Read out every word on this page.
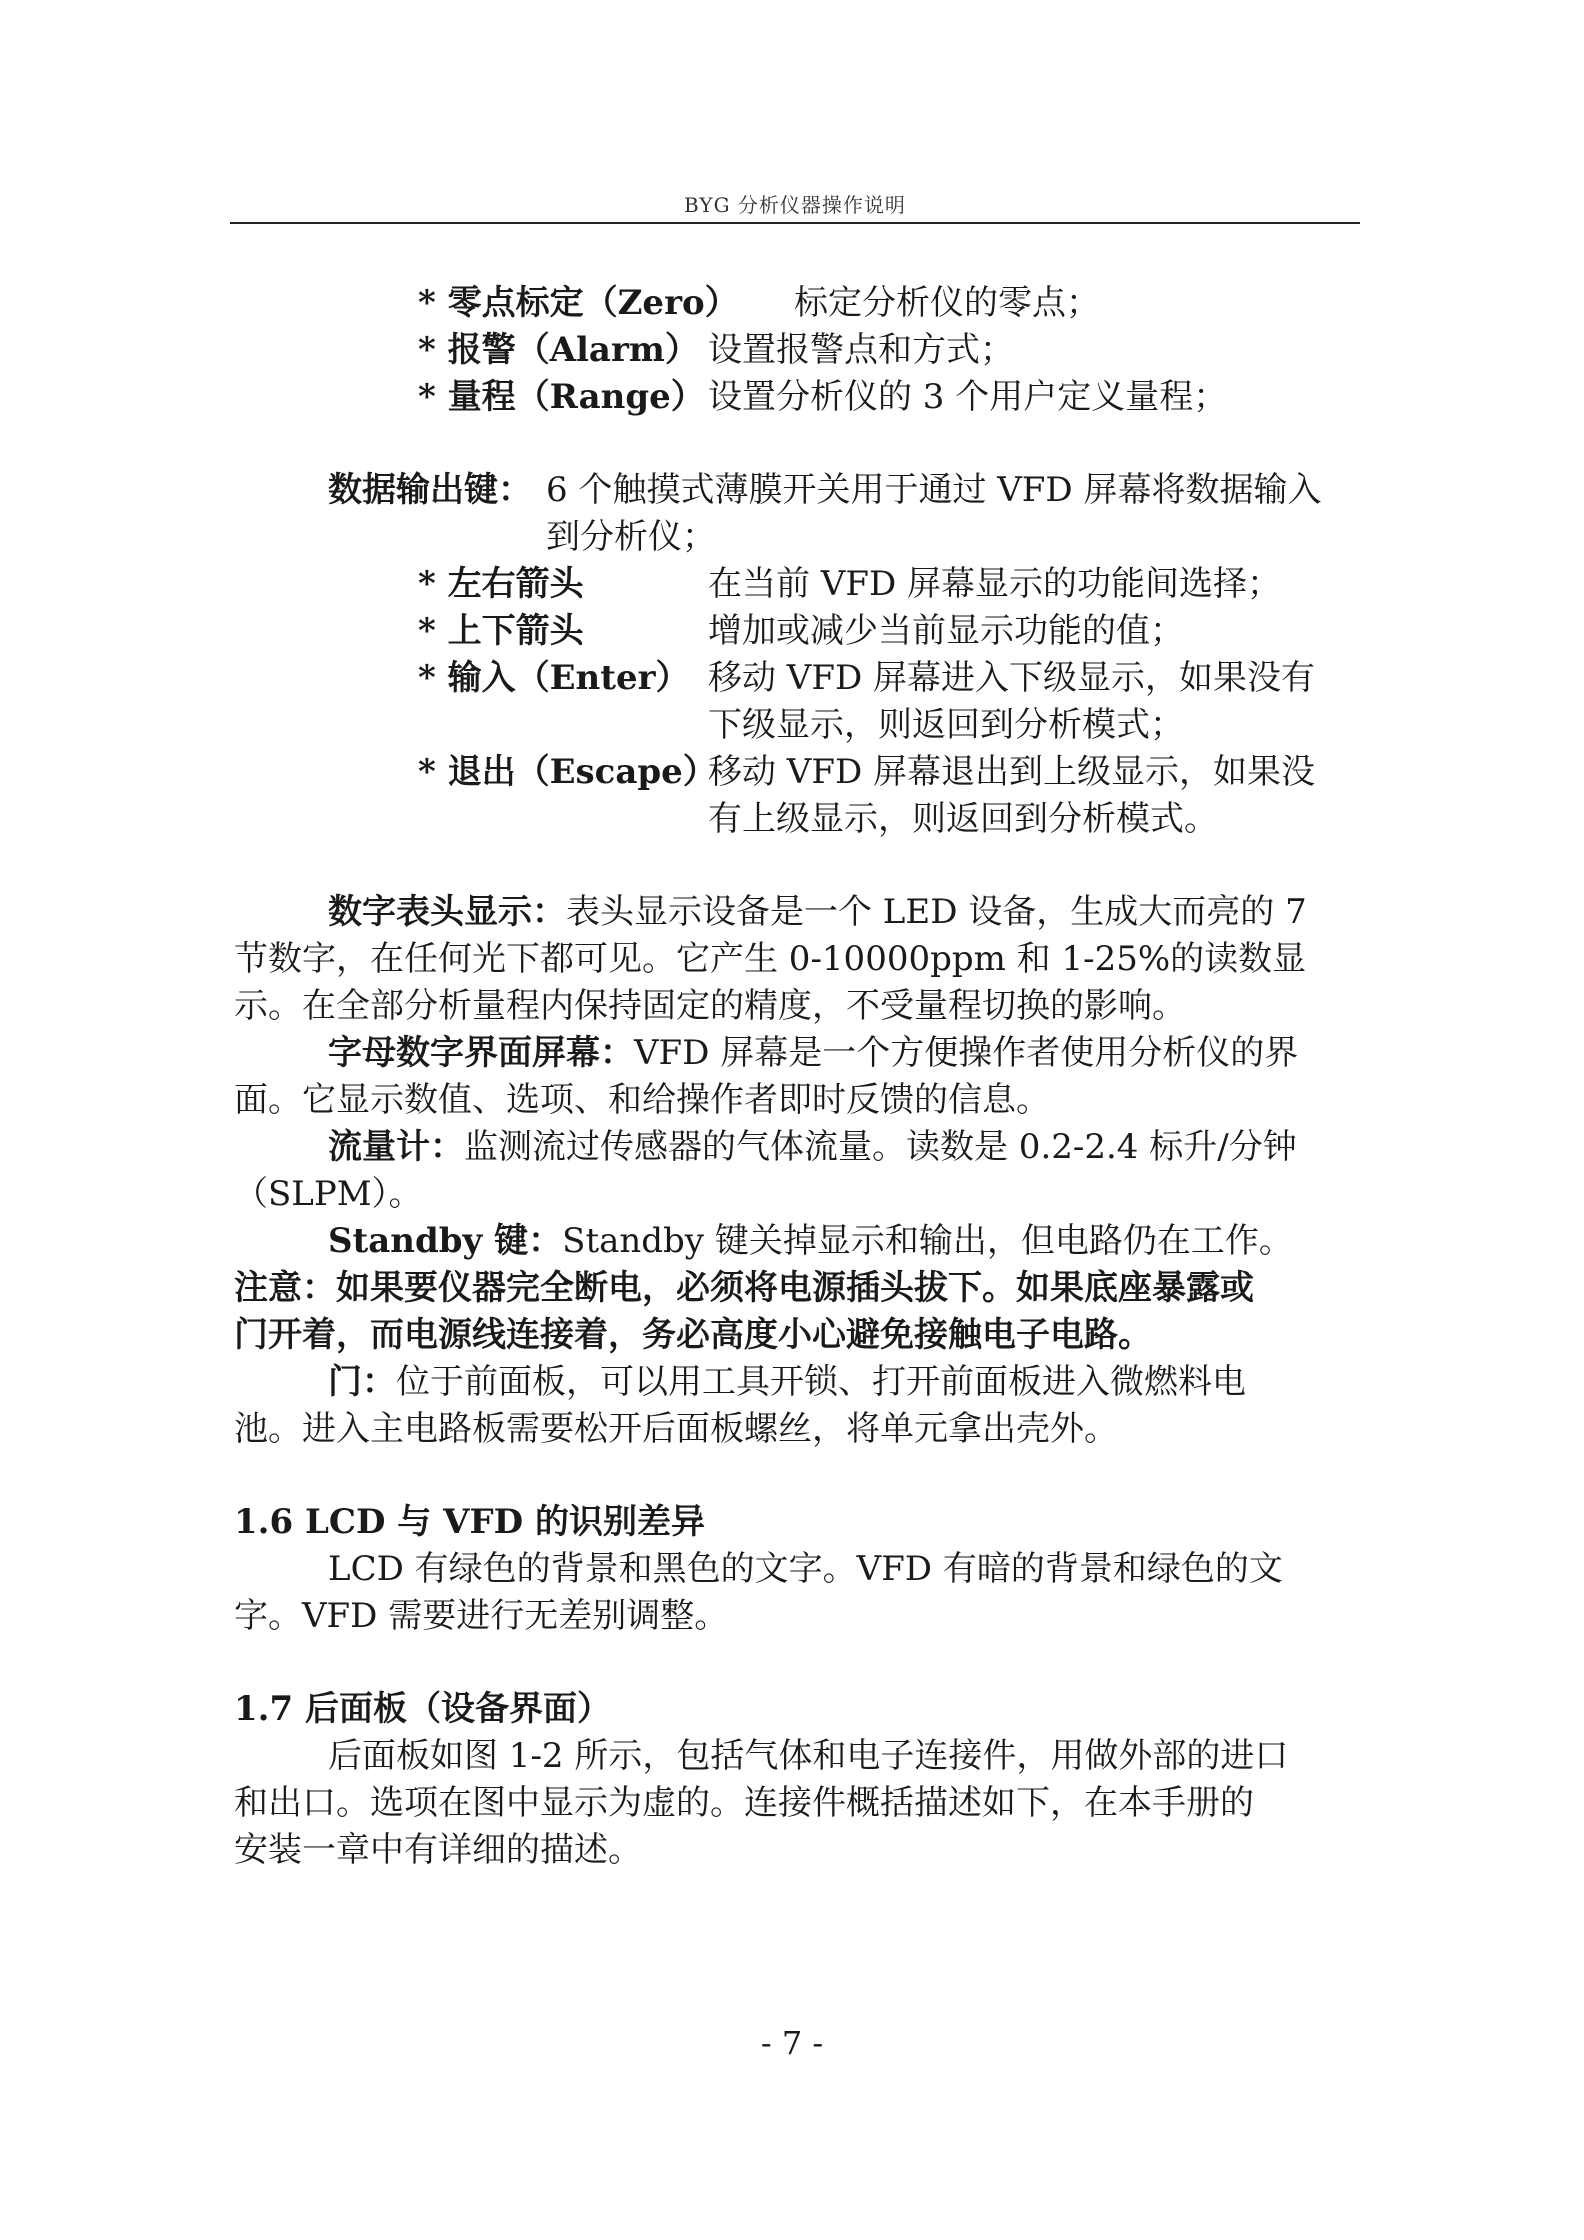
BYG 分析仪器操作说明
* 零点标定（Zero） 标定分析仪的零点；
* 报警（Alarm） 设置报警点和方式；
* 量程（Range） 设置分析仪的 3 个用户定义量程；
数据输出键： 6 个触摸式薄膜开关用于通过 VFD 屏幕将数据输入
到分析仪；
* 左右箭头	在当前 VFD 屏幕显示的功能间选择；
* 上下箭头	增加或减少当前显示功能的值；
* 输入（Enter） 移动 VFD 屏幕进入下级显示，如果没有
下级显示，则返回到分析模式；
* 退出（Escape）
移动 VFD 屏幕退出到上级显示，如果没
有上级显示，则返回到分析模式。
数字表头显示：表头显示设备是一个 LED 设备，生成大而亮的 7
节数字，在任何光下都可见。它产生 0-10000ppm 和 1-25%的读数显
示。在全部分析量程内保持固定的精度，不受量程切换的影响。
字母数字界面屏幕：VFD 屏幕是一个方便操作者使用分析仪的界
面。它显示数值、选项、和给操作者即时反馈的信息。
流量计：监测流过传感器的气体流量。读数是 0.2-2.4 标升/分钟
（SLPM）。
Standby 键：Standby 键关掉显示和输出，但电路仍在工作。
注意：如果要仪器完全断电，必须将电源插头拔下。如果底座暴露或
门开着，而电源线连接着，务必高度小心避免接触电子电路。
门：位于前面板，可以用工具开锁、打开前面板进入微燃料电
池。进入主电路板需要松开后面板螺丝，将单元拿出壳外。
1.6 LCD 与 VFD 的识别差异
LCD 有绿色的背景和黑色的文字。VFD 有暗的背景和绿色的文
字。VFD 需要进行无差别调整。
1.7 后面板（设备界面）
后面板如图 1-2 所示，包括气体和电子连接件，用做外部的进口
和出口。选项在图中显示为虚的。连接件概括描述如下，在本手册的
安装一章中有详细的描述。
- 7 -
